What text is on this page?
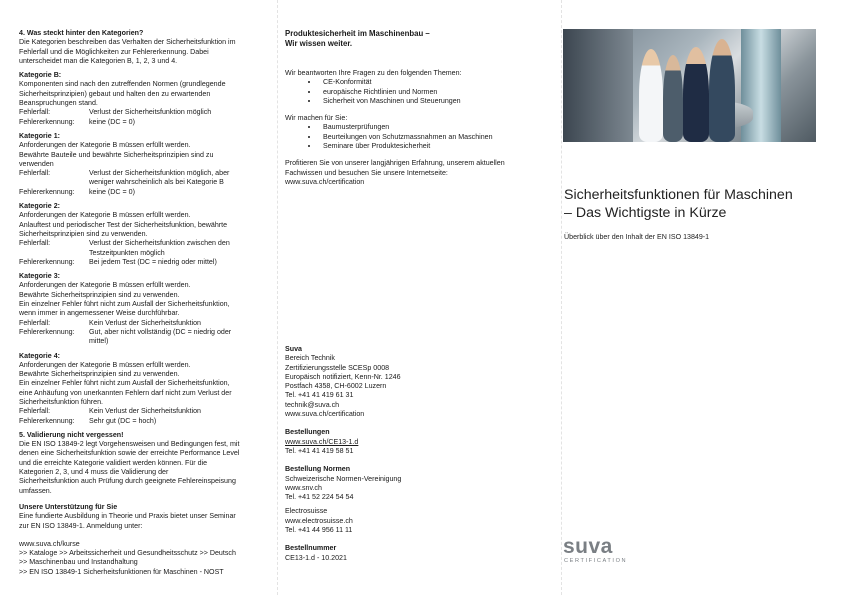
4. Was steckt hinter den Kategorien?
Die Kategorien beschreiben das Verhalten der Sicherheitsfunktion im
Fehlerfall und die Möglichkeiten zur Fehlererkennung. Dabei
unterscheidet man die Kategorien B, 1, 2, 3 und 4.
Kategorie B:
Komponenten sind nach den zutreffenden Normen (grundlegende
Sicherheitsprinzipien) gebaut und halten den zu erwartenden
Beanspruchungen stand.
Fehlerfall:	Verlust der Sicherheitsfunktion möglich
Fehlererkennung:	keine (DC = 0)
Kategorie 1:
Anforderungen der Kategorie B müssen erfüllt werden.
Bewährte Bauteile und bewährte Sicherheitsprinzipien sind zu
verwenden
Fehlerfall:	Verlust der Sicherheitsfunktion möglich, aber
weniger wahrscheinlich als bei Kategorie B
Fehlererkennung:	keine (DC = 0)
Kategorie 2:
Anforderungen der Kategorie B müssen erfüllt werden.
Anlauftest und periodischer Test der Sicherheitsfunktion, bewährte
Sicherheitsprinzipien sind zu verwenden.
Fehlerfall:	Verlust der Sicherheitsfunktion zwischen den
Testzeitpunkten möglich
Fehlererkennung:	Bei jedem Test (DC = niedrig oder mittel)
Kategorie 3:
Anforderungen der Kategorie B müssen erfüllt werden.
Bewährte Sicherheitsprinzipien sind zu verwenden.
Ein einzelner Fehler führt nicht zum Ausfall der Sicherheitsfunktion,
wenn immer in angemessener Weise durchführbar.
Fehlerfall:	Kein Verlust der Sicherheitsfunktion
Fehlererkennung:	Gut, aber nicht vollständig (DC = niedrig oder
mittel)
Kategorie 4:
Anforderungen der Kategorie B müssen erfüllt werden.
Bewährte Sicherheitsprinzipien sind zu verwenden.
Ein einzelner Fehler führt nicht zum Ausfall der Sicherheitsfunktion,
eine Anhäufung von unerkannten Fehlern darf nicht zum Verlust der
Sicherheitsfunktion führen.
Fehlerfall:	Kein Verlust der Sicherheitsfunktion
Fehlererkennung:	Sehr gut (DC = hoch)
5. Validierung nicht vergessen!
Die EN ISO 13849-2 legt Vorgehensweisen und Bedingungen fest, mit
denen eine Sicherheitsfunktion sowie der erreichte Performance Level
und die erreichte Kategorie validiert werden können. Für die
Kategorien 2, 3, und 4 muss die Validierung der
Sicherheitsfunktion auch Prüfung durch geeignete Fehlereinspeisung
umfassen.
Unsere Unterstützung für Sie
Eine fundierte Ausbildung in Theorie und Praxis bietet unser Seminar
zur EN ISO 13849-1. Anmeldung unter:
www.suva.ch/kurse
>> Kataloge >> Arbeitssicherheit und Gesundheitsschutz >> Deutsch
>> Maschinenbau und Instandhaltung
>> EN ISO 13849-1 Sicherheitsfunktionen für Maschinen - NOST
Produktesicherheit im Maschinenbau –
Wir wissen weiter.
Wir beantworten Ihre Fragen zu den folgenden Themen:
• CE-Konformität
• europäische Richtlinien und Normen
• Sicherheit von Maschinen und Steuerungen
Wir machen für Sie:
• Baumusterprüfungen
• Beurteilungen von Schutzmassnahmen an Maschinen
• Seminare über Produktesicherheit
Profitieren Sie von unserer langjährigen Erfahrung, unserem aktuellen
Fachwissen und besuchen Sie unsere Internetseite:
www.suva.ch/certification
Suva
Bereich Technik
Zertifizierungsstelle SCESp 0008
Europäisch notifiziert, Kenn-Nr. 1246
Postfach 4358, CH-6002 Luzern
Tel. +41 41 419 61 31
technik@suva.ch
www.suva.ch/certification
Bestellungen
www.suva.ch/CE13-1.d
Tel. +41 41 419 58 51
Bestellung Normen
Schweizerische Normen-Vereinigung
www.snv.ch
Tel. +41 52 224 54 54
Electrosuisse
www.electrosuisse.ch
Tel. +41 44 956 11 11
Bestellnummer
CE13-1.d - 10.2021
Sicherheitsfunktionen für Maschinen
– Das Wichtigste in Kürze
Überblick über den Inhalt der EN ISO 13849-1
suva
CERTIFICATION
